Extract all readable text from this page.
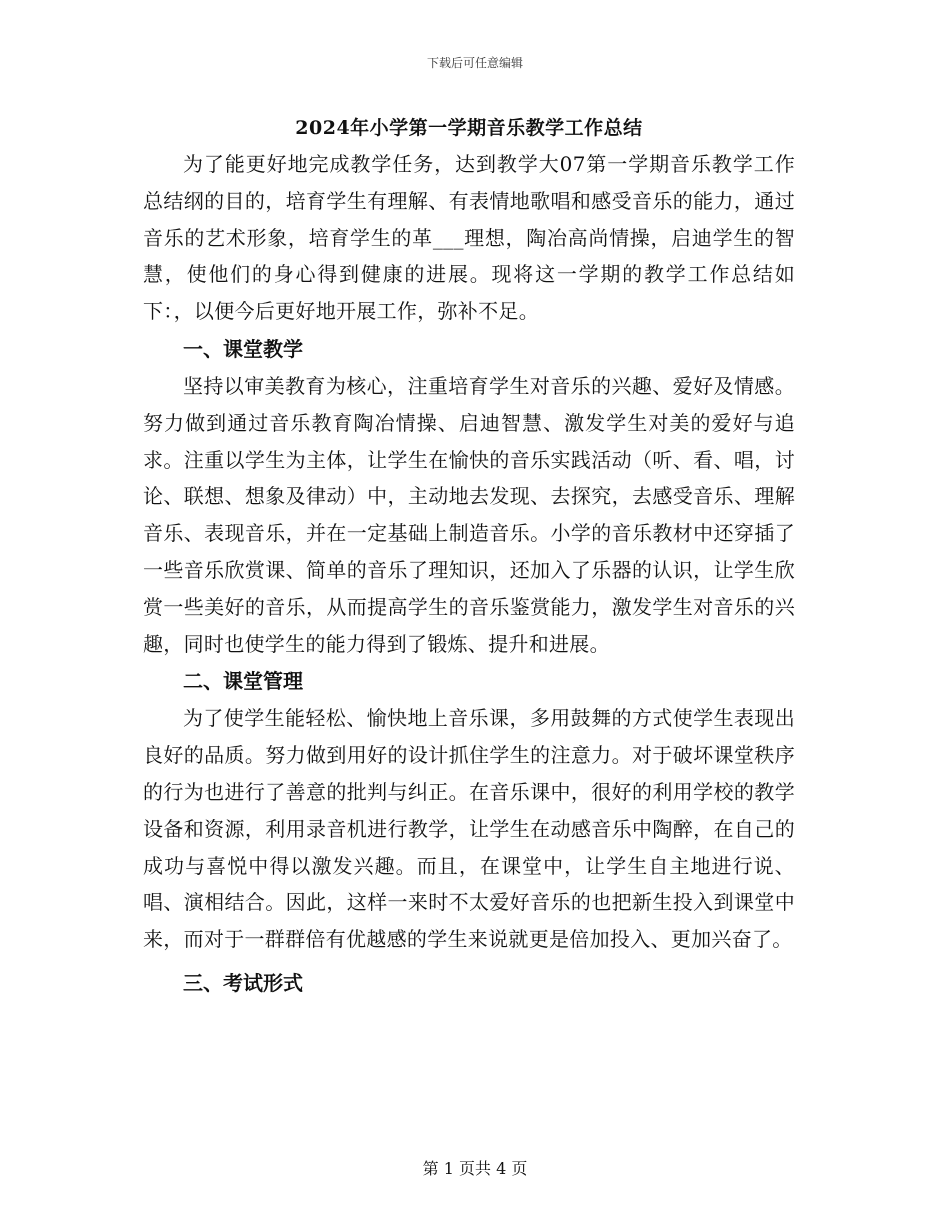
下载后可任意编辑
2024年小学第一学期音乐教学工作总结

为了能更好地完成教学任务，达到教学大07第一学期音乐教学工作总结纲的目的，培育学生有理解、有表情地歌唱和感受音乐的能力，通过音乐的艺术形象，培育学生的革___理想，陶冶高尚情操，启迪学生的智慧，使他们的身心得到健康的进展。现将这一学期的教学工作总结如下：，以便今后更好地开展工作，弥补不足。

一、课堂教学

坚持以审美教育为核心，注重培育学生对音乐的兴趣、爱好及情感。努力做到通过音乐教育陶冶情操、启迪智慧、激发学生对美的爱好与追求。注重以学生为主体，让学生在愉快的音乐实践活动（听、看、唱，讨论、联想、想象及律动）中，主动地去发现、去探究，去感受音乐、理解音乐、表现音乐，并在一定基础上制造音乐。小学的音乐教材中还穿插了一些音乐欣赏课、简单的音乐了理知识，还加入了乐器的认识，让学生欣赏一些美好的音乐，从而提高学生的音乐鉴赏能力，激发学生对音乐的兴趣，同时也使学生的能力得到了锻炼、提升和进展。

二、课堂管理

为了使学生能轻松、愉快地上音乐课，多用鼓舞的方式使学生表现出良好的品质。努力做到用好的设计抓住学生的注意力。对于破坏课堂秩序的行为也进行了善意的批判与纠正。在音乐课中，很好的利用学校的教学设备和资源，利用录音机进行教学，让学生在动感音乐中陶醉，在自己的成功与喜悦中得以激发兴趣。而且，在课堂中，让学生自主地进行说、唱、演相结合。因此，这样一来时不太爱好音乐的也把新生投入到课堂中来，而对于一群群倍有优越感的学生来说就更是倍加投入、更加兴奋了。

三、考试形式
第 1 页共 4 页
